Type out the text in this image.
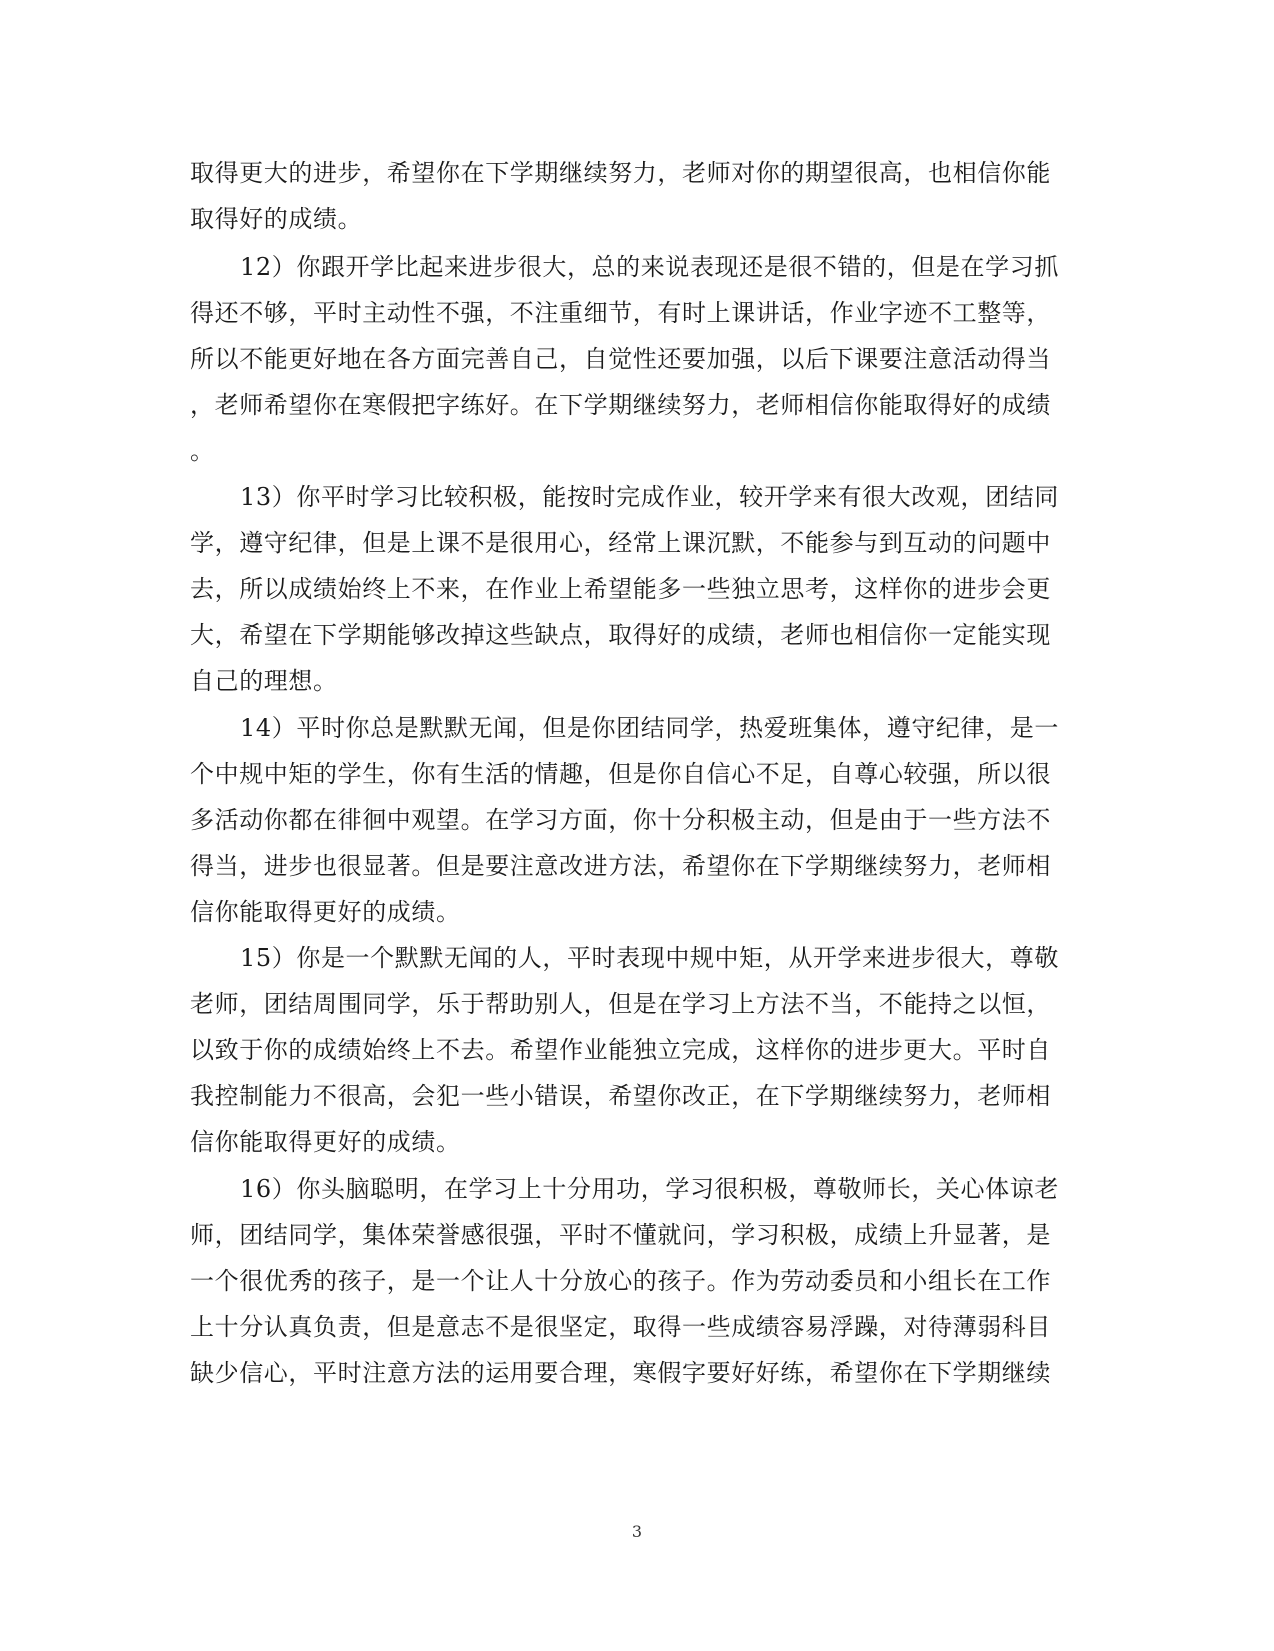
取得更大的进步，希望你在下学期继续努力，老师对你的期望很高，也相信你能
取得好的成绩。
12）你跟开学比起来进步很大，总的来说表现还是很不错的，但是在学习抓
得还不够，平时主动性不强，不注重细节，有时上课讲话，作业字迹不工整等，
所以不能更好地在各方面完善自己，自觉性还要加强，以后下课要注意活动得当
，老师希望你在寒假把字练好。在下学期继续努力，老师相信你能取得好的成绩
。
13）你平时学习比较积极，能按时完成作业，较开学来有很大改观，团结同
学，遵守纪律，但是上课不是很用心，经常上课沉默，不能参与到互动的问题中
去，所以成绩始终上不来，在作业上希望能多一些独立思考，这样你的进步会更
大，希望在下学期能够改掉这些缺点，取得好的成绩，老师也相信你一定能实现
自己的理想。
14）平时你总是默默无闻，但是你团结同学，热爱班集体，遵守纪律，是一
个中规中矩的学生，你有生活的情趣，但是你自信心不足，自尊心较强，所以很
多活动你都在徘徊中观望。在学习方面，你十分积极主动，但是由于一些方法不
得当，进步也很显著。但是要注意改进方法，希望你在下学期继续努力，老师相
信你能取得更好的成绩。
15）你是一个默默无闻的人，平时表现中规中矩，从开学来进步很大，尊敬
老师，团结周围同学，乐于帮助别人，但是在学习上方法不当，不能持之以恒，
以致于你的成绩始终上不去。希望作业能独立完成，这样你的进步更大。平时自
我控制能力不很高，会犯一些小错误，希望你改正，在下学期继续努力，老师相
信你能取得更好的成绩。
16）你头脑聪明，在学习上十分用功，学习很积极，尊敬师长，关心体谅老
师，团结同学，集体荣誉感很强，平时不懂就问，学习积极，成绩上升显著，是
一个很优秀的孩子，是一个让人十分放心的孩子。作为劳动委员和小组长在工作
上十分认真负责，但是意志不是很坚定，取得一些成绩容易浮躁，对待薄弱科目
缺少信心，平时注意方法的运用要合理，寒假字要好好练，希望你在下学期继续
3
